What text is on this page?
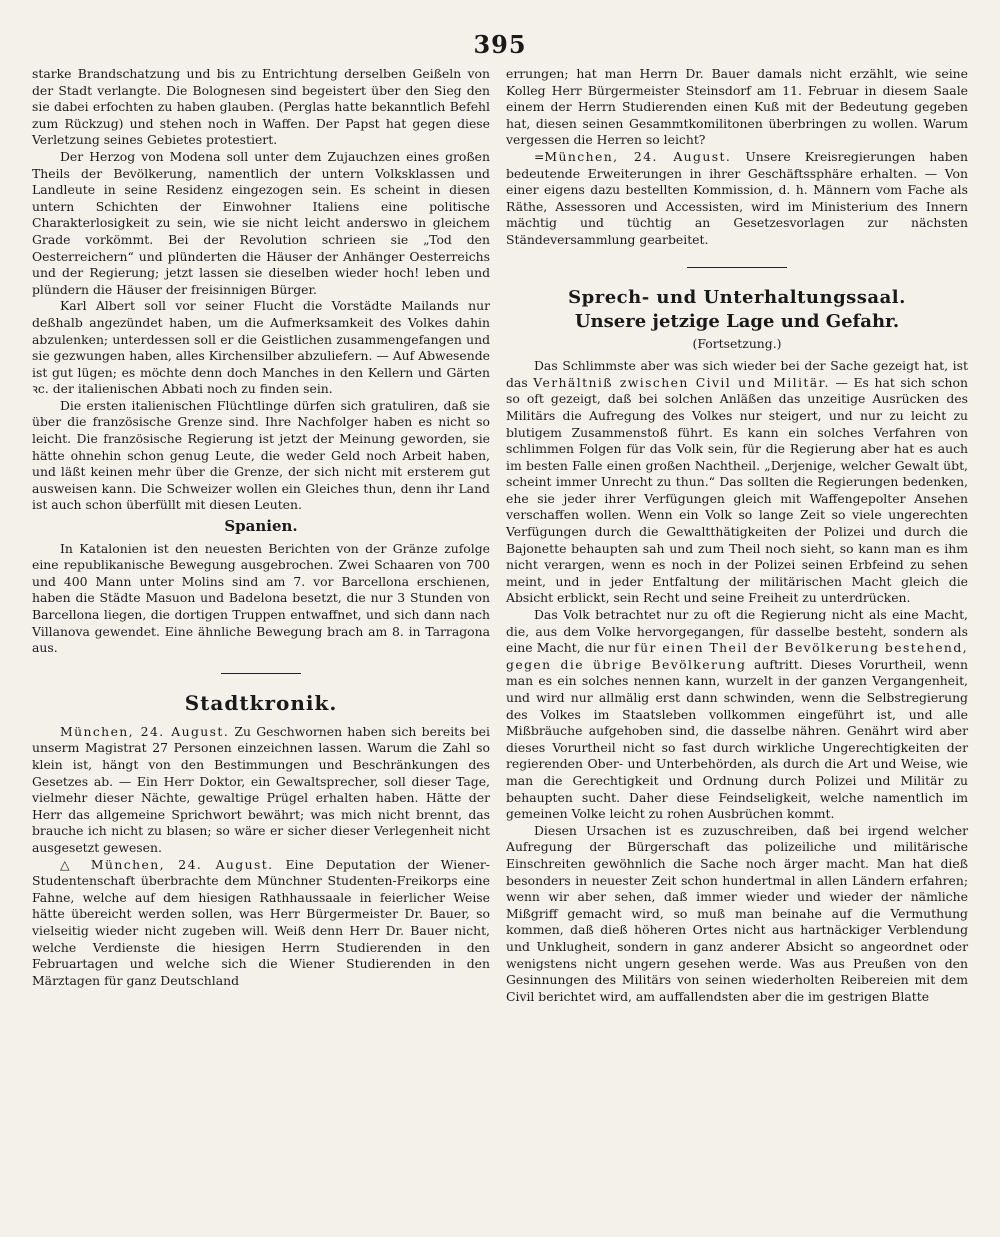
395

starke Brandschatzung und bis zu Entrichtung derselben Geißeln von der Stadt verlangte. Die Bolognesen sind begeistert über den Sieg den sie dabei erfochten zu haben glauben. (Perglas hatte bekanntlich Befehl zum Rückzug) und stehen noch in Waffen. Der Papst hat gegen diese Verletzung seines Gebietes protestiert.

Der Herzog von Modena soll unter dem Zujauchzen eines großen Theils der Bevölkerung, namentlich der untern Volksklassen und Landleute in seine Residenz eingezogen sein. Es scheint in diesen untern Schichten der Einwohner Italiens eine politische Charakterlosigkeit zu sein, wie sie nicht leicht anderswo in gleichem Grade vorkömmt. Bei der Revolution schrieen sie „Tod den Oesterreichern“ und plünderten die Häuser der Anhänger Oesterreichs und der Regierung; jetzt lassen sie dieselben wieder hoch! leben und plündern die Häuser der freisinnigen Bürger.

Karl Albert soll vor seiner Flucht die Vorstädte Mailands nur deßhalb angezündet haben, um die Aufmerksamkeit des Volkes dahin abzulenken; unterdessen soll er die Geistlichen zusammengefangen und sie gezwungen haben, alles Kirchensilber abzuliefern. — Auf Abwesende ist gut lügen; es möchte denn doch Manches in den Kellern und Gärten ꝛc. der italienischen Abbati noch zu finden sein.

Die ersten italienischen Flüchtlinge dürfen sich gratuliren, daß sie über die französische Grenze sind. Ihre Nachfolger haben es nicht so leicht. Die französische Regierung ist jetzt der Meinung geworden, sie hätte ohnehin schon genug Leute, die weder Geld noch Arbeit haben, und läßt keinen mehr über die Grenze, der sich nicht mit ersterem gut ausweisen kann. Die Schweizer wollen ein Gleiches thun, denn ihr Land ist auch schon überfüllt mit diesen Leuten.

Spanien.

In Katalonien ist den neuesten Berichten von der Gränze zufolge eine republikanische Bewegung ausgebrochen. Zwei Schaaren von 700 und 400 Mann unter Molins sind am 7. vor Barcellona erschienen, haben die Städte Masuon und Badelona besetzt, die nur 3 Stunden von Barcellona liegen, die dortigen Truppen entwaffnet, und sich dann nach Villanova gewendet. Eine ähnliche Bewegung brach am 8. in Tarragona aus.

Stadtkronik.

München, 24. August. Zu Geschwornen haben sich bereits bei unserm Magistrat 27 Personen einzeichnen lassen. Warum die Zahl so klein ist, hängt von den Bestimmungen und Beschränkungen des Gesetzes ab. — Ein Herr Doktor, ein Gewaltsprecher, soll dieser Tage, vielmehr dieser Nächte, gewaltige Prügel erhalten haben. Hätte der Herr das allgemeine Sprichwort bewährt; was mich nicht brennt, das brauche ich nicht zu blasen; so wäre er sicher dieser Verlegenheit nicht ausgesetzt gewesen.

△ München, 24. August. Eine Deputation der Wiener-Studentenschaft überbrachte dem Münchner Studenten-Freikorps eine Fahne, welche auf dem hiesigen Rathhaussaale in feierlicher Weise hätte übereicht werden sollen, was Herr Bürgermeister Dr. Bauer, so vielseitig wieder nicht zugeben will. Weiß denn Herr Dr. Bauer nicht, welche Verdienste die hiesigen Herrn Studierenden in den Februartagen und welche sich die Wiener Studierenden in den Märztagen für ganz Deutschland

errungen; hat man Herrn Dr. Bauer damals nicht erzählt, wie seine Kolleg Herr Bürgermeister Steinsdorf am 11. Februar in diesem Saale einem der Herrn Studierenden einen Kuß mit der Bedeutung gegeben hat, diesen seinen Gesammtkomilitonen überbringen zu wollen. Warum vergessen die Herren so leicht?

=München, 24. August. Unsere Kreisregierungen haben bedeutende Erweiterungen in ihrer Geschäftssphäre erhalten. — Von einer eigens dazu bestellten Kommission, d. h. Männern vom Fache als Räthe, Assessoren und Accessisten, wird im Ministerium des Innern mächtig und tüchtig an Gesetzesvorlagen zur nächsten Ständeversammlung gearbeitet.

Sprech- und Unterhaltungssaal.
Unsere jetzige Lage und Gefahr.
(Fortsetzung.)

Das Schlimmste aber was sich wieder bei der Sache gezeigt hat, ist das Verhältniß zwischen Civil und Militär. — Es hat sich schon so oft gezeigt, daß bei solchen Anläßen das unzeitige Ausrücken des Militärs die Aufregung des Volkes nur steigert, und nur zu leicht zu blutigem Zusammenstoß führt. Es kann ein solches Verfahren von schlimmen Folgen für das Volk sein, für die Regierung aber hat es auch im besten Falle einen großen Nachtheil. „Derjenige, welcher Gewalt übt, scheint immer Unrecht zu thun.“ Das sollten die Regierungen bedenken, ehe sie jeder ihrer Verfügungen gleich mit Waffengepolter Ansehen verschaffen wollen. Wenn ein Volk so lange Zeit so viele ungerechten Verfügungen durch die Gewaltthätigkeiten der Polizei und durch die Bajonette behaupten sah und zum Theil noch sieht, so kann man es ihm nicht verargen, wenn es noch in der Polizei seinen Erbfeind zu sehen meint, und in jeder Entfaltung der militärischen Macht gleich die Absicht erblickt, sein Recht und seine Freiheit zu unterdrücken.

Das Volk betrachtet nur zu oft die Regierung nicht als eine Macht, die, aus dem Volke hervorgegangen, für dasselbe besteht, sondern als eine Macht, die nur für einen Theil der Bevölkerung bestehend, gegen die übrige Bevölkerung auftritt. Dieses Vorurtheil, wenn man es ein solches nennen kann, wurzelt in der ganzen Vergangenheit, und wird nur allmälig erst dann schwinden, wenn die Selbstregierung des Volkes im Staatsleben vollkommen eingeführt ist, und alle Mißbräuche aufgehoben sind, die dasselbe nähren. Genährt wird aber dieses Vorurtheil nicht so fast durch wirkliche Ungerechtigkeiten der regierenden Ober- und Unterbehörden, als durch die Art und Weise, wie man die Gerechtigkeit und Ordnung durch Polizei und Militär zu behaupten sucht. Daher diese Feindseligkeit, welche namentlich im gemeinen Volke leicht zu rohen Ausbrüchen kommt.

Diesen Ursachen ist es zuzuschreiben, daß bei irgend welcher Aufregung der Bürgerschaft das polizeiliche und militärische Einschreiten gewöhnlich die Sache noch ärger macht. Man hat dieß besonders in neuester Zeit schon hundertmal in allen Ländern erfahren; wenn wir aber sehen, daß immer wieder und wieder der nämliche Mißgriff gemacht wird, so muß man beinahe auf die Vermuthung kommen, daß dieß höheren Ortes nicht aus hartnäckiger Verblendung und Unklugheit, sondern in ganz anderer Absicht so angeordnet oder wenigstens nicht ungern gesehen werde. Was aus Preußen von den Gesinnungen des Militärs von seinen wiederholten Reibereien mit dem Civil berichtet wird, am auffallendsten aber die im gestrigen Blatte
